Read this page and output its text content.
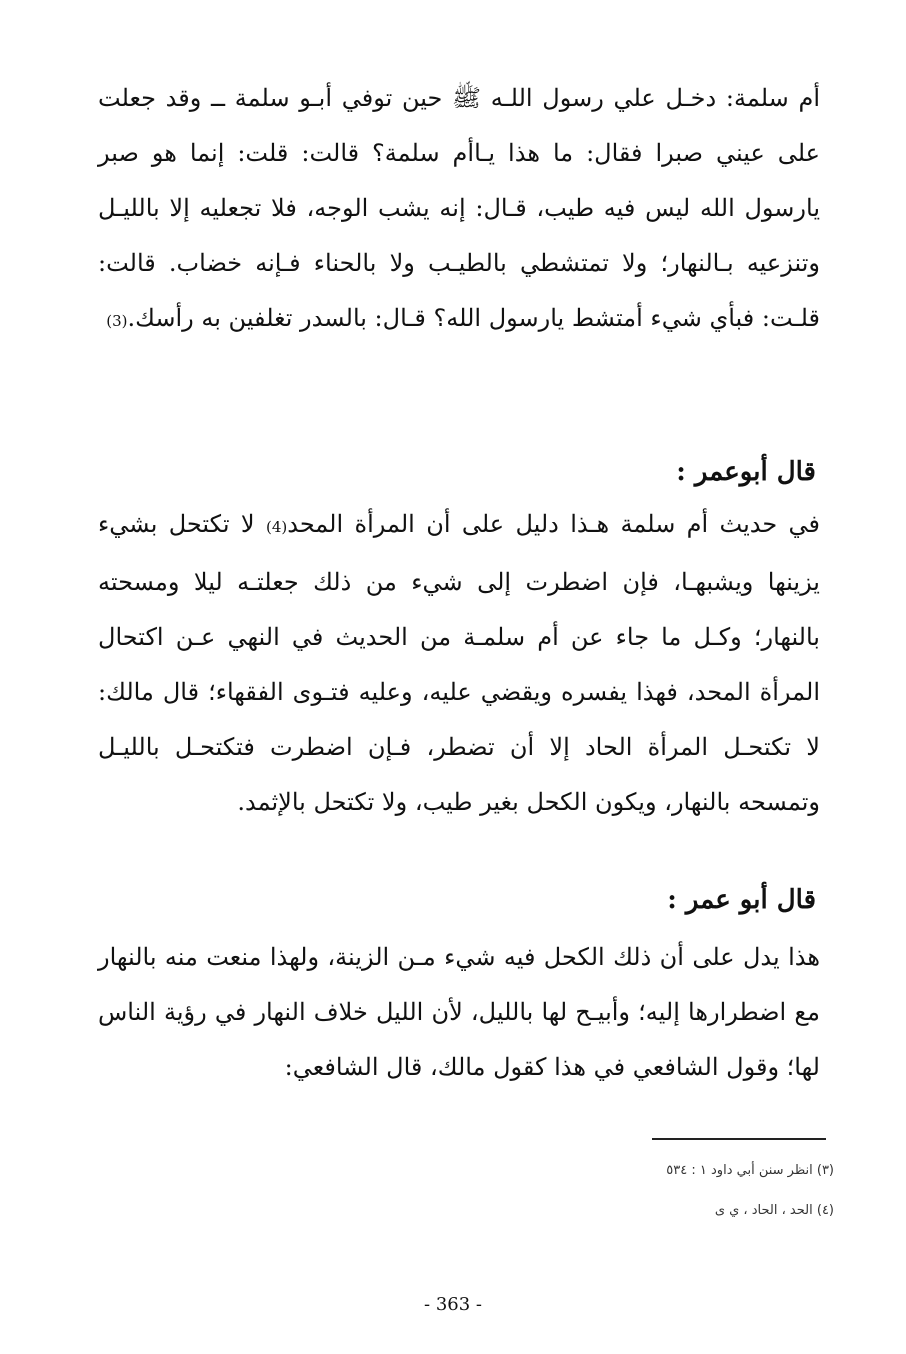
أم سلمة: دخـل علي رسول اللـه ﷺ حين توفي أبـو سلمة ــ وقد جعلت على عيني صبرا فقال: ما هذا يـاأم سلمة؟ قالت: قلت: إنما هو صبر يارسول الله ليس فيه طيب، قـال: إنه يشب الوجه، فلا تجعليه إلا بالليـل وتنزعيه بـالنهار؛ ولا تمتشطي بالطيـب ولا بالحناء فـإنه خضاب. قالت: قلـت: فبأي شيء أمتشط يارسول الله؟ قـال: بالسدر تغلفين به رأسك.(3)

قال أبوعمر :

في حديث أم سلمة هـذا دليل على أن المرأة المحد(4) لا تكتحل بشيء يزينها ويشبهـا، فإن اضطرت إلى شيء من ذلك جعلتـه ليلا ومسحته بالنهار؛ وكـل ما جاء عن أم سلمـة من الحديث في النهي عـن اكتحال المرأة المحد، فهذا يفسره ويقضي عليه، وعليه فتـوى الفقهاء؛ قال مالك: لا تكتحـل المرأة الحاد إلا أن تضطر، فـإن اضطرت فتكتحـل بالليـل وتمسحه بالنهار، ويكون الكحل بغير طيب، ولا تكتحل بالإثمد.

قال أبو عمر :

هذا يدل على أن ذلك الكحل فيه شيء مـن الزينة، ولهذا منعت منه بالنهار مع اضطرارها إليه؛ وأبيـح لها بالليل، لأن الليل خلاف النهار في رؤية الناس لها؛ وقول الشافعي في هذا كقول مالك، قال الشافعي:

(٣) انظر سنن أبي داود ١ : ٥٣٤

(٤) الحد ، الحاد ، ي ى

- 363 -
